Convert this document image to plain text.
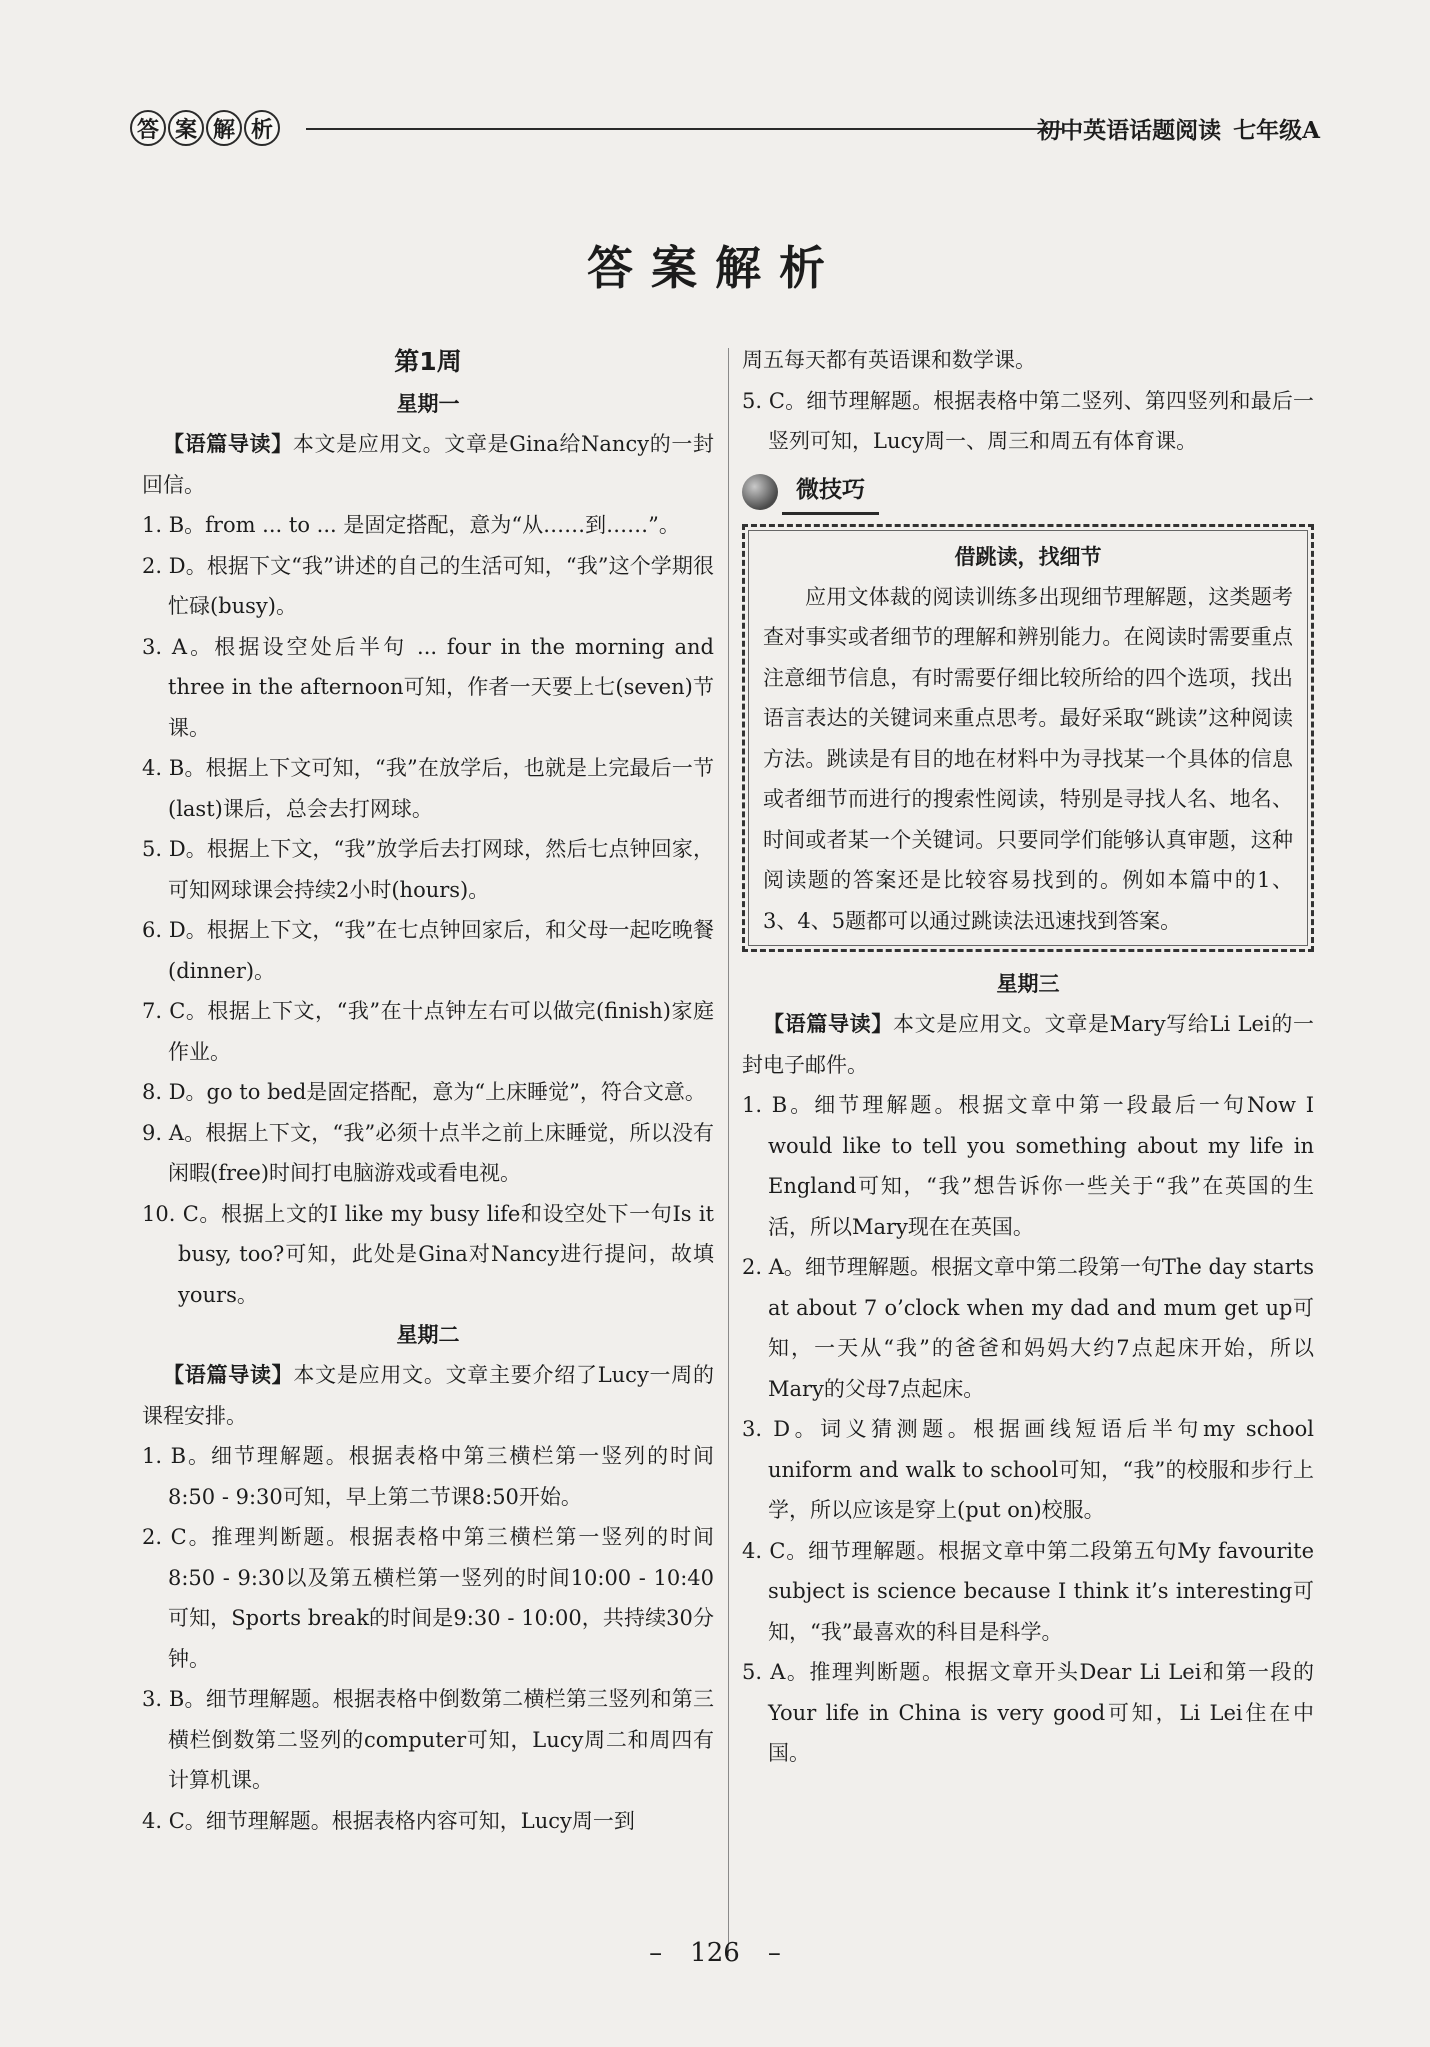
答 案 解 析	初中英语话题阅读 七年级A
答案解析
第1周
星期一
【语篇导读】本文是应用文。文章是Gina给Nancy的一封回信。
1. B。from ... to ... 是固定搭配，意为“从……到……”。
2. D。根据下文“我”讲述的自己的生活可知，“我”这个学期很忙碌(busy)。
3. A。根据设空处后半句 ... four in the morning and three in the afternoon可知，作者一天要上七(seven)节课。
4. B。根据上下文可知，“我”在放学后，也就是上完最后一节(last)课后，总会去打网球。
5. D。根据上下文，“我”放学后去打网球，然后七点钟回家，可知网球课会持续2小时(hours)。
6. D。根据上下文，“我”在七点钟回家后，和父母一起吃晚餐(dinner)。
7. C。根据上下文，“我”在十点钟左右可以做完(finish)家庭作业。
8. D。go to bed是固定搭配，意为“上床睡觉”，符合文意。
9. A。根据上下文，“我”必须十点半之前上床睡觉，所以没有闲暇(free)时间打电脑游戏或看电视。
10. C。根据上文的I like my busy life和设空处下一句Is it busy, too?可知，此处是Gina对Nancy进行提问，故填yours。
星期二
【语篇导读】本文是应用文。文章主要介绍了Lucy一周的课程安排。
1. B。细节理解题。根据表格中第三横栏第一竖列的时间8:50 - 9:30可知，早上第二节课8:50开始。
2. C。推理判断题。根据表格中第三横栏第一竖列的时间8:50 - 9:30以及第五横栏第一竖列的时间10:00 - 10:40可知，Sports break的时间是9:30 - 10:00，共持续30分钟。
3. B。细节理解题。根据表格中倒数第二横栏第三竖列和第三横栏倒数第二竖列的computer可知，Lucy周二和周四有计算机课。
4. C。细节理解题。根据表格内容可知，Lucy周一到
周五每天都有英语课和数学课。
5. C。细节理解题。根据表格中第二竖列、第四竖列和最后一竖列可知，Lucy周一、周三和周五有体育课。
微技巧
借跳读，找细节
应用文体裁的阅读训练多出现细节理解题，这类题考查对事实或者细节的理解和辨别能力。在阅读时需要重点注意细节信息，有时需要仔细比较所给的四个选项，找出语言表达的关键词来重点思考。最好采取“跳读”这种阅读方法。跳读是有目的地在材料中为寻找某一个具体的信息或者细节而进行的搜索性阅读，特别是寻找人名、地名、时间或者某一个关键词。只要同学们能够认真审题，这种阅读题的答案还是比较容易找到的。例如本篇中的1、3、4、5题都可以通过跳读法迅速找到答案。
星期三
【语篇导读】本文是应用文。文章是Mary写给Li Lei的一封电子邮件。
1. B。细节理解题。根据文章中第一段最后一句Now I would like to tell you something about my life in England可知，“我”想告诉你一些关于“我”在英国的生活，所以Mary现在在英国。
2. A。细节理解题。根据文章中第二段第一句The day starts at about 7 o’clock when my dad and mum get up可知，一天从“我”的爸爸和妈妈大约7点起床开始，所以Mary的父母7点起床。
3. D。词义猜测题。根据画线短语后半句my school uniform and walk to school可知，“我”的校服和步行上学，所以应该是穿上(put on)校服。
4. C。细节理解题。根据文章中第二段第五句My favourite subject is science because I think it’s interesting可知，“我”最喜欢的科目是科学。
5. A。推理判断题。根据文章开头Dear Li Lei和第一段的Your life in China is very good可知，Li Lei住在中国。
– 126 –
